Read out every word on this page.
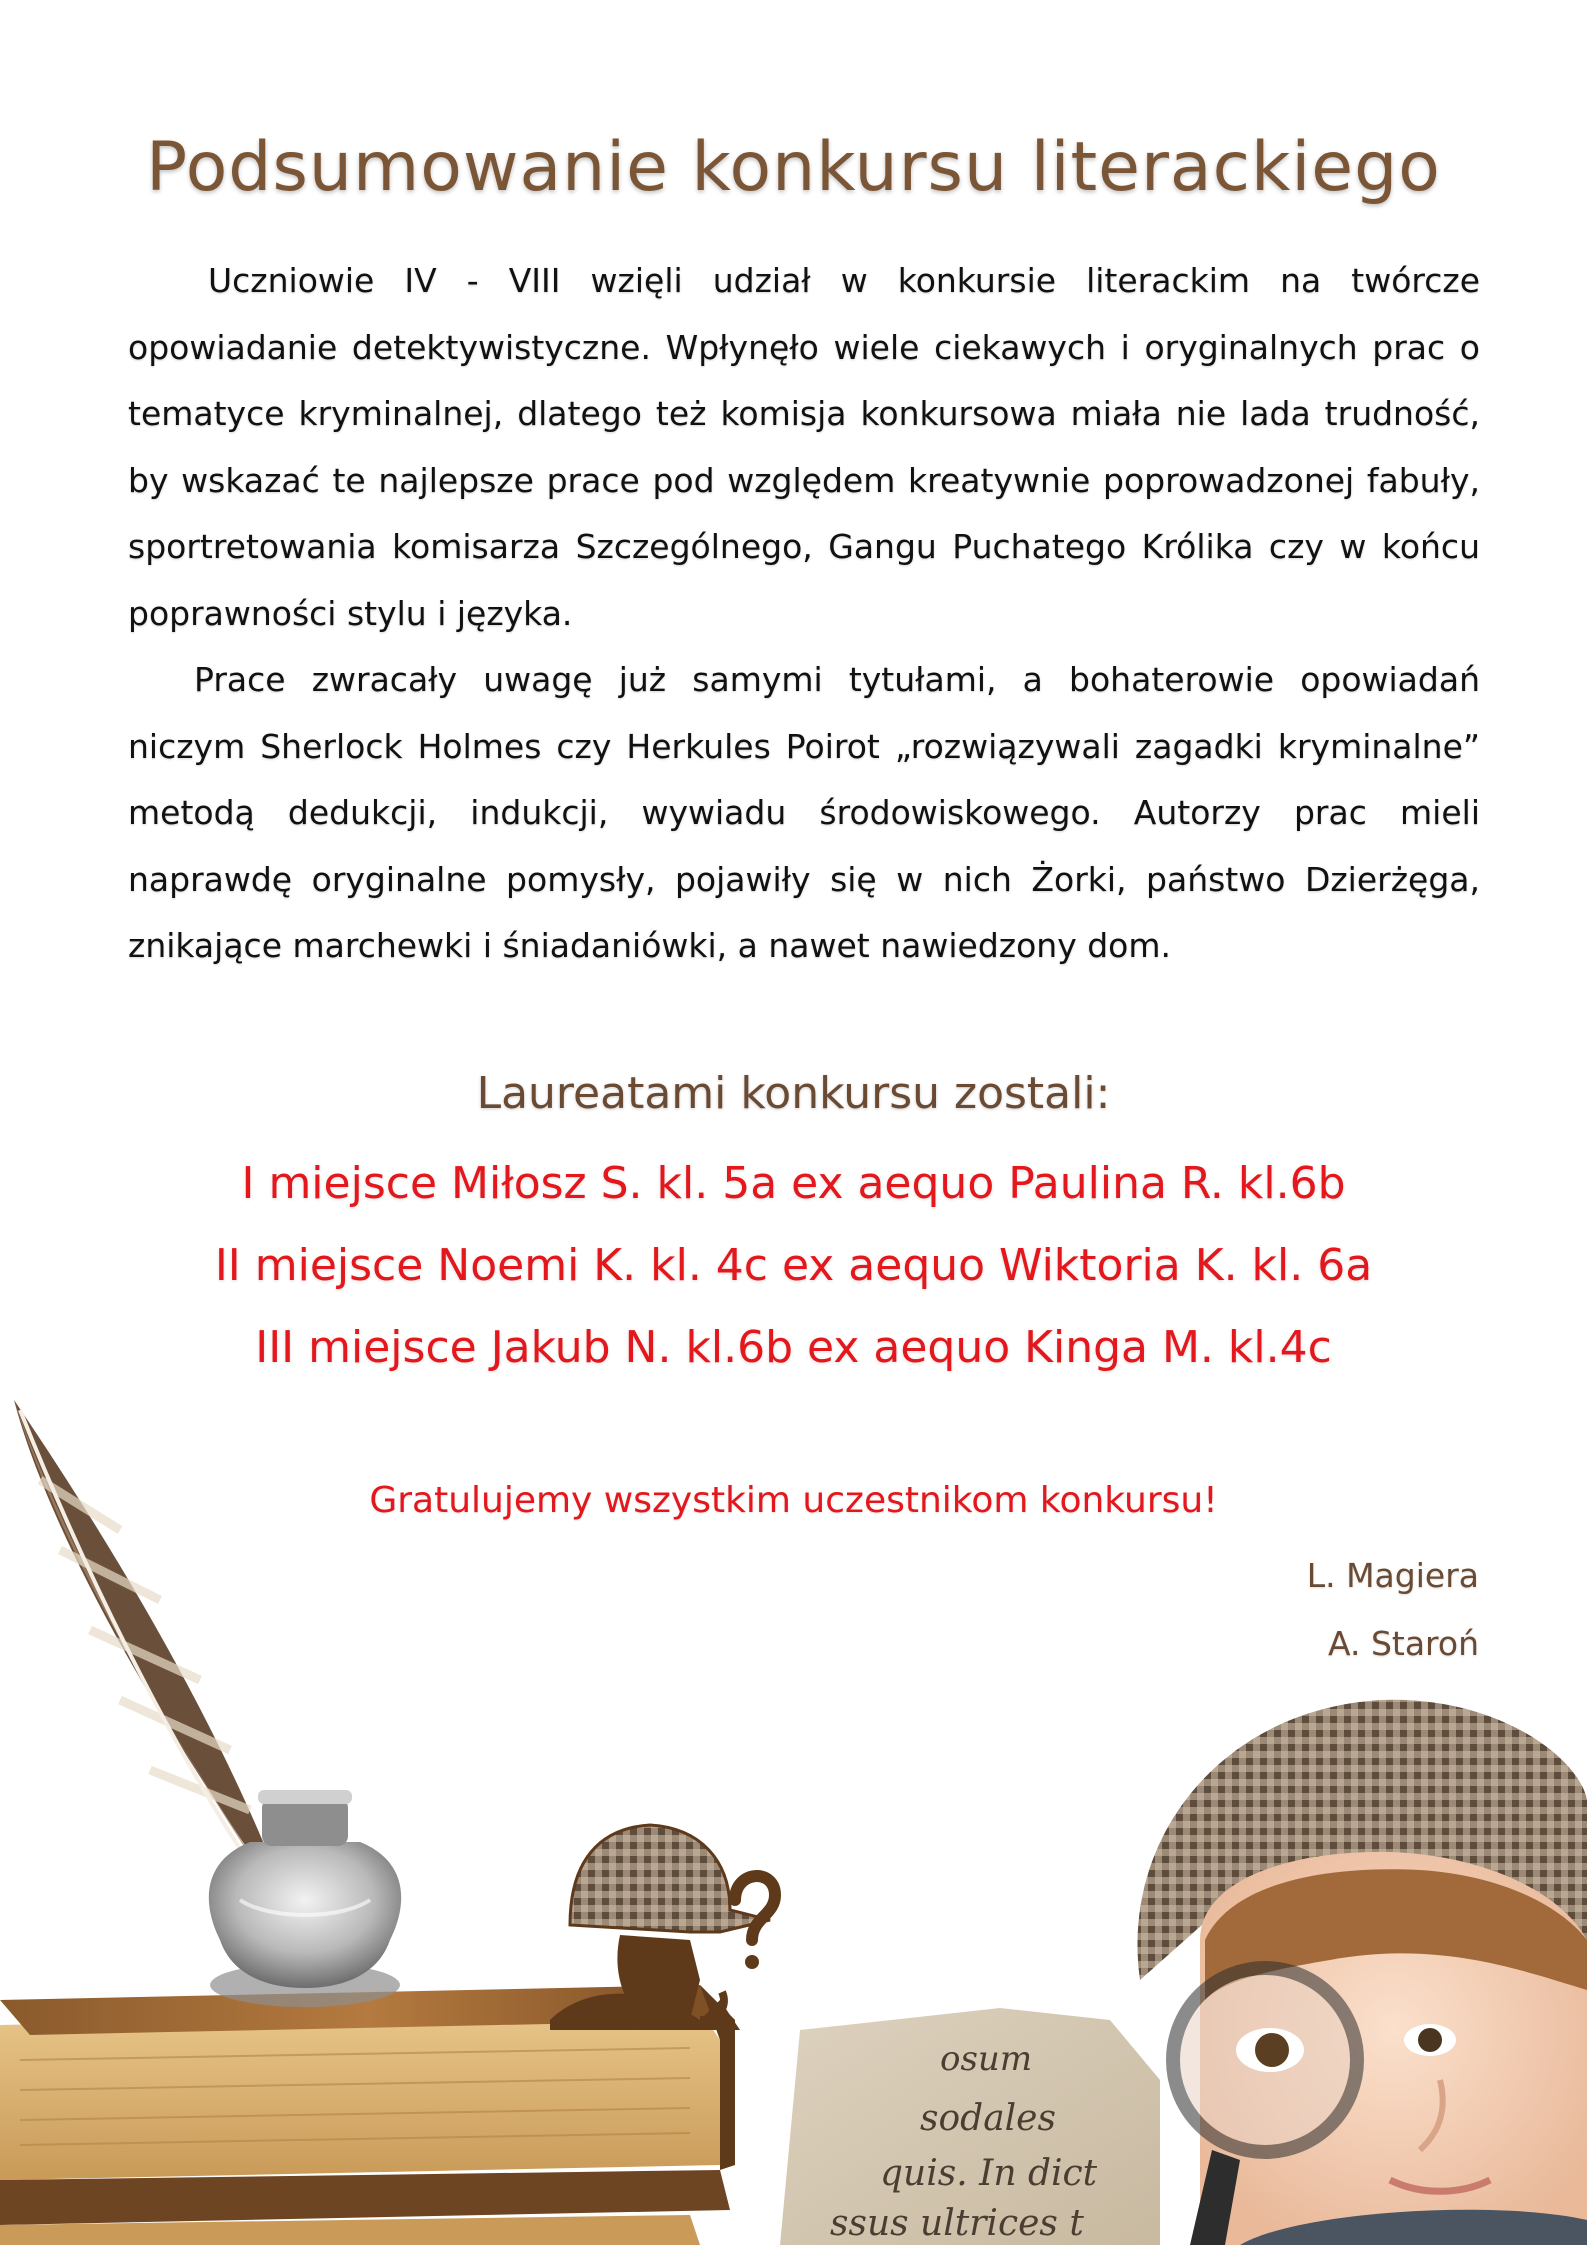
Podsumowanie konkursu literackiego

Uczniowie IV - VIII wzięli udział w konkursie literackim na twórcze opowiadanie detektywistyczne. Wpłynęło wiele ciekawych i oryginalnych prac o tematyce kryminalnej, dlatego też komisja konkursowa miała nie lada trudność, by wskazać te najlepsze prace pod względem kreatywnie poprowadzonej fabuły, sportretowania komisarza Szczególnego, Gangu Puchatego Królika czy w końcu poprawności stylu i języka.

Prace zwracały uwagę już samymi tytułami, a bohaterowie opowiadań niczym Sherlock Holmes czy Herkules Poirot „rozwiązywali zagadki kryminalne” metodą dedukcji, indukcji, wywiadu środowiskowego. Autorzy prac mieli naprawdę oryginalne pomysły, pojawiły się w nich Żorki, państwo Dzierżęga, znikające marchewki i śniadaniówki, a nawet nawiedzony dom.

Laureatami konkursu zostali:
I miejsce Miłosz S. kl. 5a ex aequo Paulina R. kl.6b
II miejsce Noemi K. kl. 4c ex aequo Wiktoria K. kl. 6a
III miejsce Jakub N. kl.6b ex aequo Kinga M. kl.4c
Gratulujemy wszystkim uczestnikom konkursu!
L. Magiera
A. Staroń
osum
sodales
quis. In dict
ssus ultrices t
